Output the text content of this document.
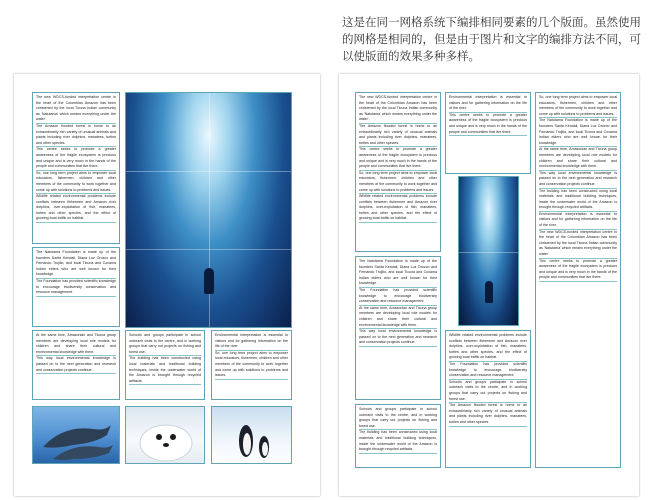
这是在同一网格系统下编排相同要素的几个版面。虽然使用的网格是相同的，但是由于图片和文字的编排方法不同，可以使版面的效果多种多样。
The new WDCS-funded interpretation centre in the heart of the Colombian Amazon has been christened by the local Ticuna Indian community as 'Natutama' which means everything under the water'.
The Amazon flooded forest is home to an extraordinarily rich variety of unusual animals and plants including river dolphins, manatees, turtles and other species.
This centre seeks to promote a greater awareness of the fragile ecosystem is precious and unique and is very much in the hands of the people and communities that live there.
So, one long term project aims to empower local educators, fishermen, children and other members of the community to work together and come up with solutions to problems and issues.
Wildlife related environmental problems include conflicts between fishermen and Amazon river dolphins, over-exploitation of fish, manatees, turtles and other species, and the effect of growing boat traffic on habitat.
The Natutama Foundation is made up of the founders Sarita Kendall, Diana Luz Orozco and Fernando Trujillo, and local Ticuna and Cocama Indian elders who are well known for their knowledge.
The Foundation has provided scientific knowledge to encourage biodiversity conservation and resource management.
At the same time, Amazonian and Ticuna group members are developing local role models for children and share their cultural and environmental knowledge with them.
This way local environmental knowledge is passed on to the next generation and research and conservation projects continue.
Schools and groups participate in school outreach visits to the centre, and in working groups that carry out projects on fishing and forest use.
The building has been constructed using local materials and traditional building techniques, inside the underwater world of the Amazon is brought through recycled artifacts.
Environmental interpretation is essential to visitors and for gathering information on the life of the river.
So, one long term project aims to empower local educators, fishermen, children and other members of the community to work together and come up with solutions to problems and issues.
The new WDCS-funded interpretation centre in the heart of the Colombian Amazon has been christened by the local Ticuna Indian community as 'Natutama' which means everything under the water'.
The Amazon flooded forest is home to an extraordinarily rich variety of unusual animals and plants including river dolphins, manatees, turtles and other species.
This centre seeks to promote a greater awareness of the fragile ecosystem is precious and unique and is very much in the hands of the people and communities that live there.
So, one long term project aims to empower local educators, fishermen, children and other members of the community to work together and come up with solutions to problems and issues.
Wildlife related environmental problems include conflicts between fishermen and Amazon river dolphins, over-exploitation of fish, manatees, turtles and other species, and the effect of growing boat traffic on habitat.
The Natutama Foundation is made up of the founders Sarita Kendall, Diana Luz Orozco and Fernando Trujillo, and local Ticuna and Cocama Indian elders who are well known for their knowledge.
The Foundation has provided scientific knowledge to encourage biodiversity conservation and resource management.
At the same time, Amazonian and Ticuna group members are developing local role models for children and share their cultural and environmental knowledge with them.
This way local environmental knowledge is passed on to the next generation and research and conservation projects continue.
Schools and groups participate in school outreach visits to the centre, and in working groups that carry out projects on fishing and forest use.
The building has been constructed using local materials and traditional building techniques, inside the underwater world of the Amazon is brought through recycled artifacts.
Environmental interpretation is essential to visitors and for gathering information on the life of the river.
This centre seeks to promote a greater awareness of the fragile ecosystem is precious and unique and is very much in the hands of the people and communities that live there.
Wildlife related environmental problems include conflicts between fishermen and Amazon river dolphins, over-exploitation of fish, manatees, turtles and other species, and the effect of growing boat traffic on habitat.
The Foundation has provided scientific knowledge to encourage biodiversity conservation and resource management.
Schools and groups participate in school outreach visits to the centre, and in working groups that carry out projects on fishing and forest use.
The Amazon flooded forest is home to an extraordinarily rich variety of unusual animals and plants including river dolphins, manatees, turtles and other species.
So, one long term project aims to empower local educators, fishermen, children and other members of the community to work together and come up with solutions to problems and issues.
The Natutama Foundation is made up of the founders Sarita Kendall, Diana Luz Orozco and Fernando Trujillo, and local Ticuna and Cocama Indian elders who are well known for their knowledge.
At the same time, Amazonian and Ticuna group members are developing local role models for children and share their cultural and environmental knowledge with them.
This way local environmental knowledge is passed on to the next generation and research and conservation projects continue.
The building has been constructed using local materials and traditional building techniques, inside the underwater world of the Amazon is brought through recycled artifacts.
Environmental interpretation is essential to visitors and for gathering information on the life of the river.
The new WDCS-funded interpretation centre in the heart of the Colombian Amazon has been christened by the local Ticuna Indian community as 'Natutama' which means everything under the water'.
This centre seeks to promote a greater awareness of the fragile ecosystem is precious and unique and is very much in the hands of the people and communities that live there.
